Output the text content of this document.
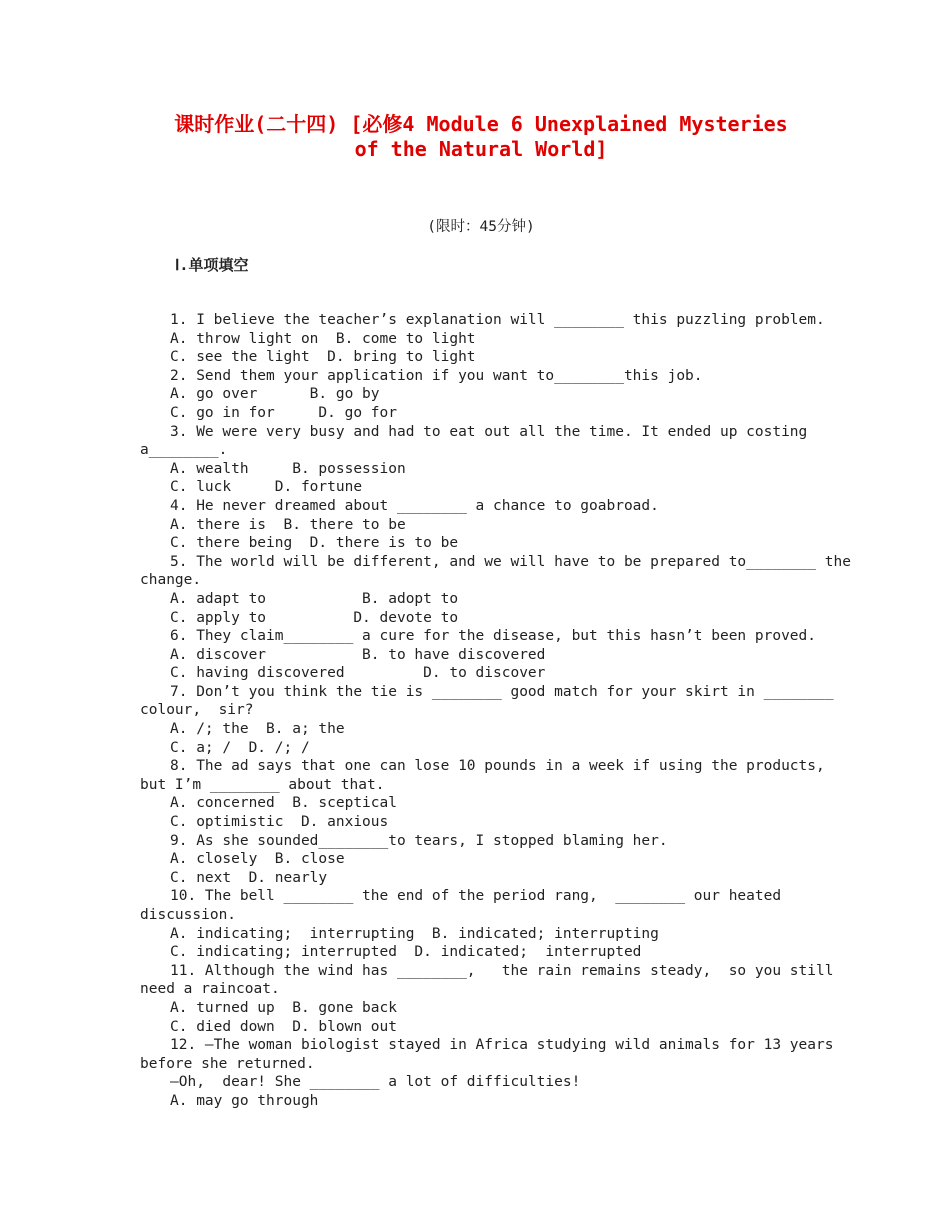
课时作业(二十四) [必修4 Module 6 Unexplained Mysteries
of the Natural World]

(限时：45分钟)

Ⅰ.单项填空
1. I believe the teacher’s explanation will ________ this puzzling problem.
A. throw light on  B. come to light
C. see the light  D. bring to light
2. Send them your application if you want to________this job.
A. go over      B. go by
C. go in for     D. go for
3. We were very busy and had to eat out all the time. It ended up costing
a________.
A. wealth     B. possession
C. luck     D. fortune
4. He never dreamed about ________ a chance to goabroad.
A. there is  B. there to be
C. there being  D. there is to be
5. The world will be different, and we will have to be prepared to________ the
change.
A. adapt to           B. adopt to
C. apply to          D. devote to
6. They claim________ a cure for the disease, but this hasn’t been proved.
A. discover           B. to have discovered
C. having discovered         D. to discover
7. Don’t you think the tie is ________ good match for your skirt in ________
colour,  sir?
A. /; the  B. a; the
C. a; /  D. /; /
8. The ad says that one can lose 10 pounds in a week if using the products,
but I’m ________ about that.
A. concerned  B. sceptical
C. optimistic  D. anxious
9. As she sounded________to tears, I stopped blaming her.
A. closely  B. close
C. next  D. nearly
10. The bell ________ the end of the period rang,  ________ our heated
discussion.
A. indicating;  interrupting  B. indicated; interrupting
C. indicating; interrupted  D. indicated;  interrupted
11. Although the wind has ________,   the rain remains steady,  so you still
need a raincoat.
A. turned up  B. gone back
C. died down  D. blown out
12. —The woman biologist stayed in Africa studying wild animals for 13 years
before she returned.
—Oh,  dear! She ________ a lot of difficulties!
A. may go through
